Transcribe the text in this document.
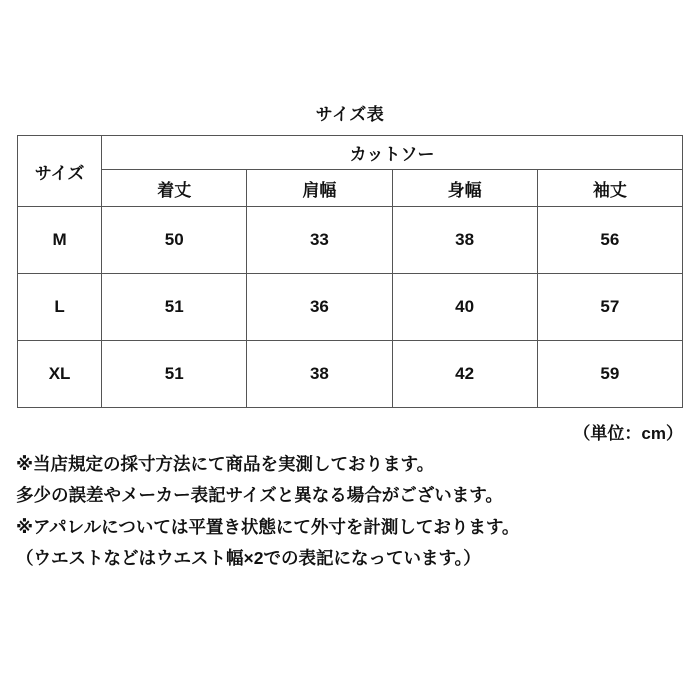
サイズ表
サイズ	カットソー			
	着丈	肩幅	身幅	袖丈
M	50	33	38	56
L	51	36	40	57
XL	51	38	42	59
（単位：cm）

※当店規定の採寸方法にて商品を実測しております。

多少の誤差やメーカー表記サイズと異なる場合がございます。

※アパレルについては平置き状態にて外寸を計測しております。

（ウエストなどはウエスト幅×2での表記になっています。）
